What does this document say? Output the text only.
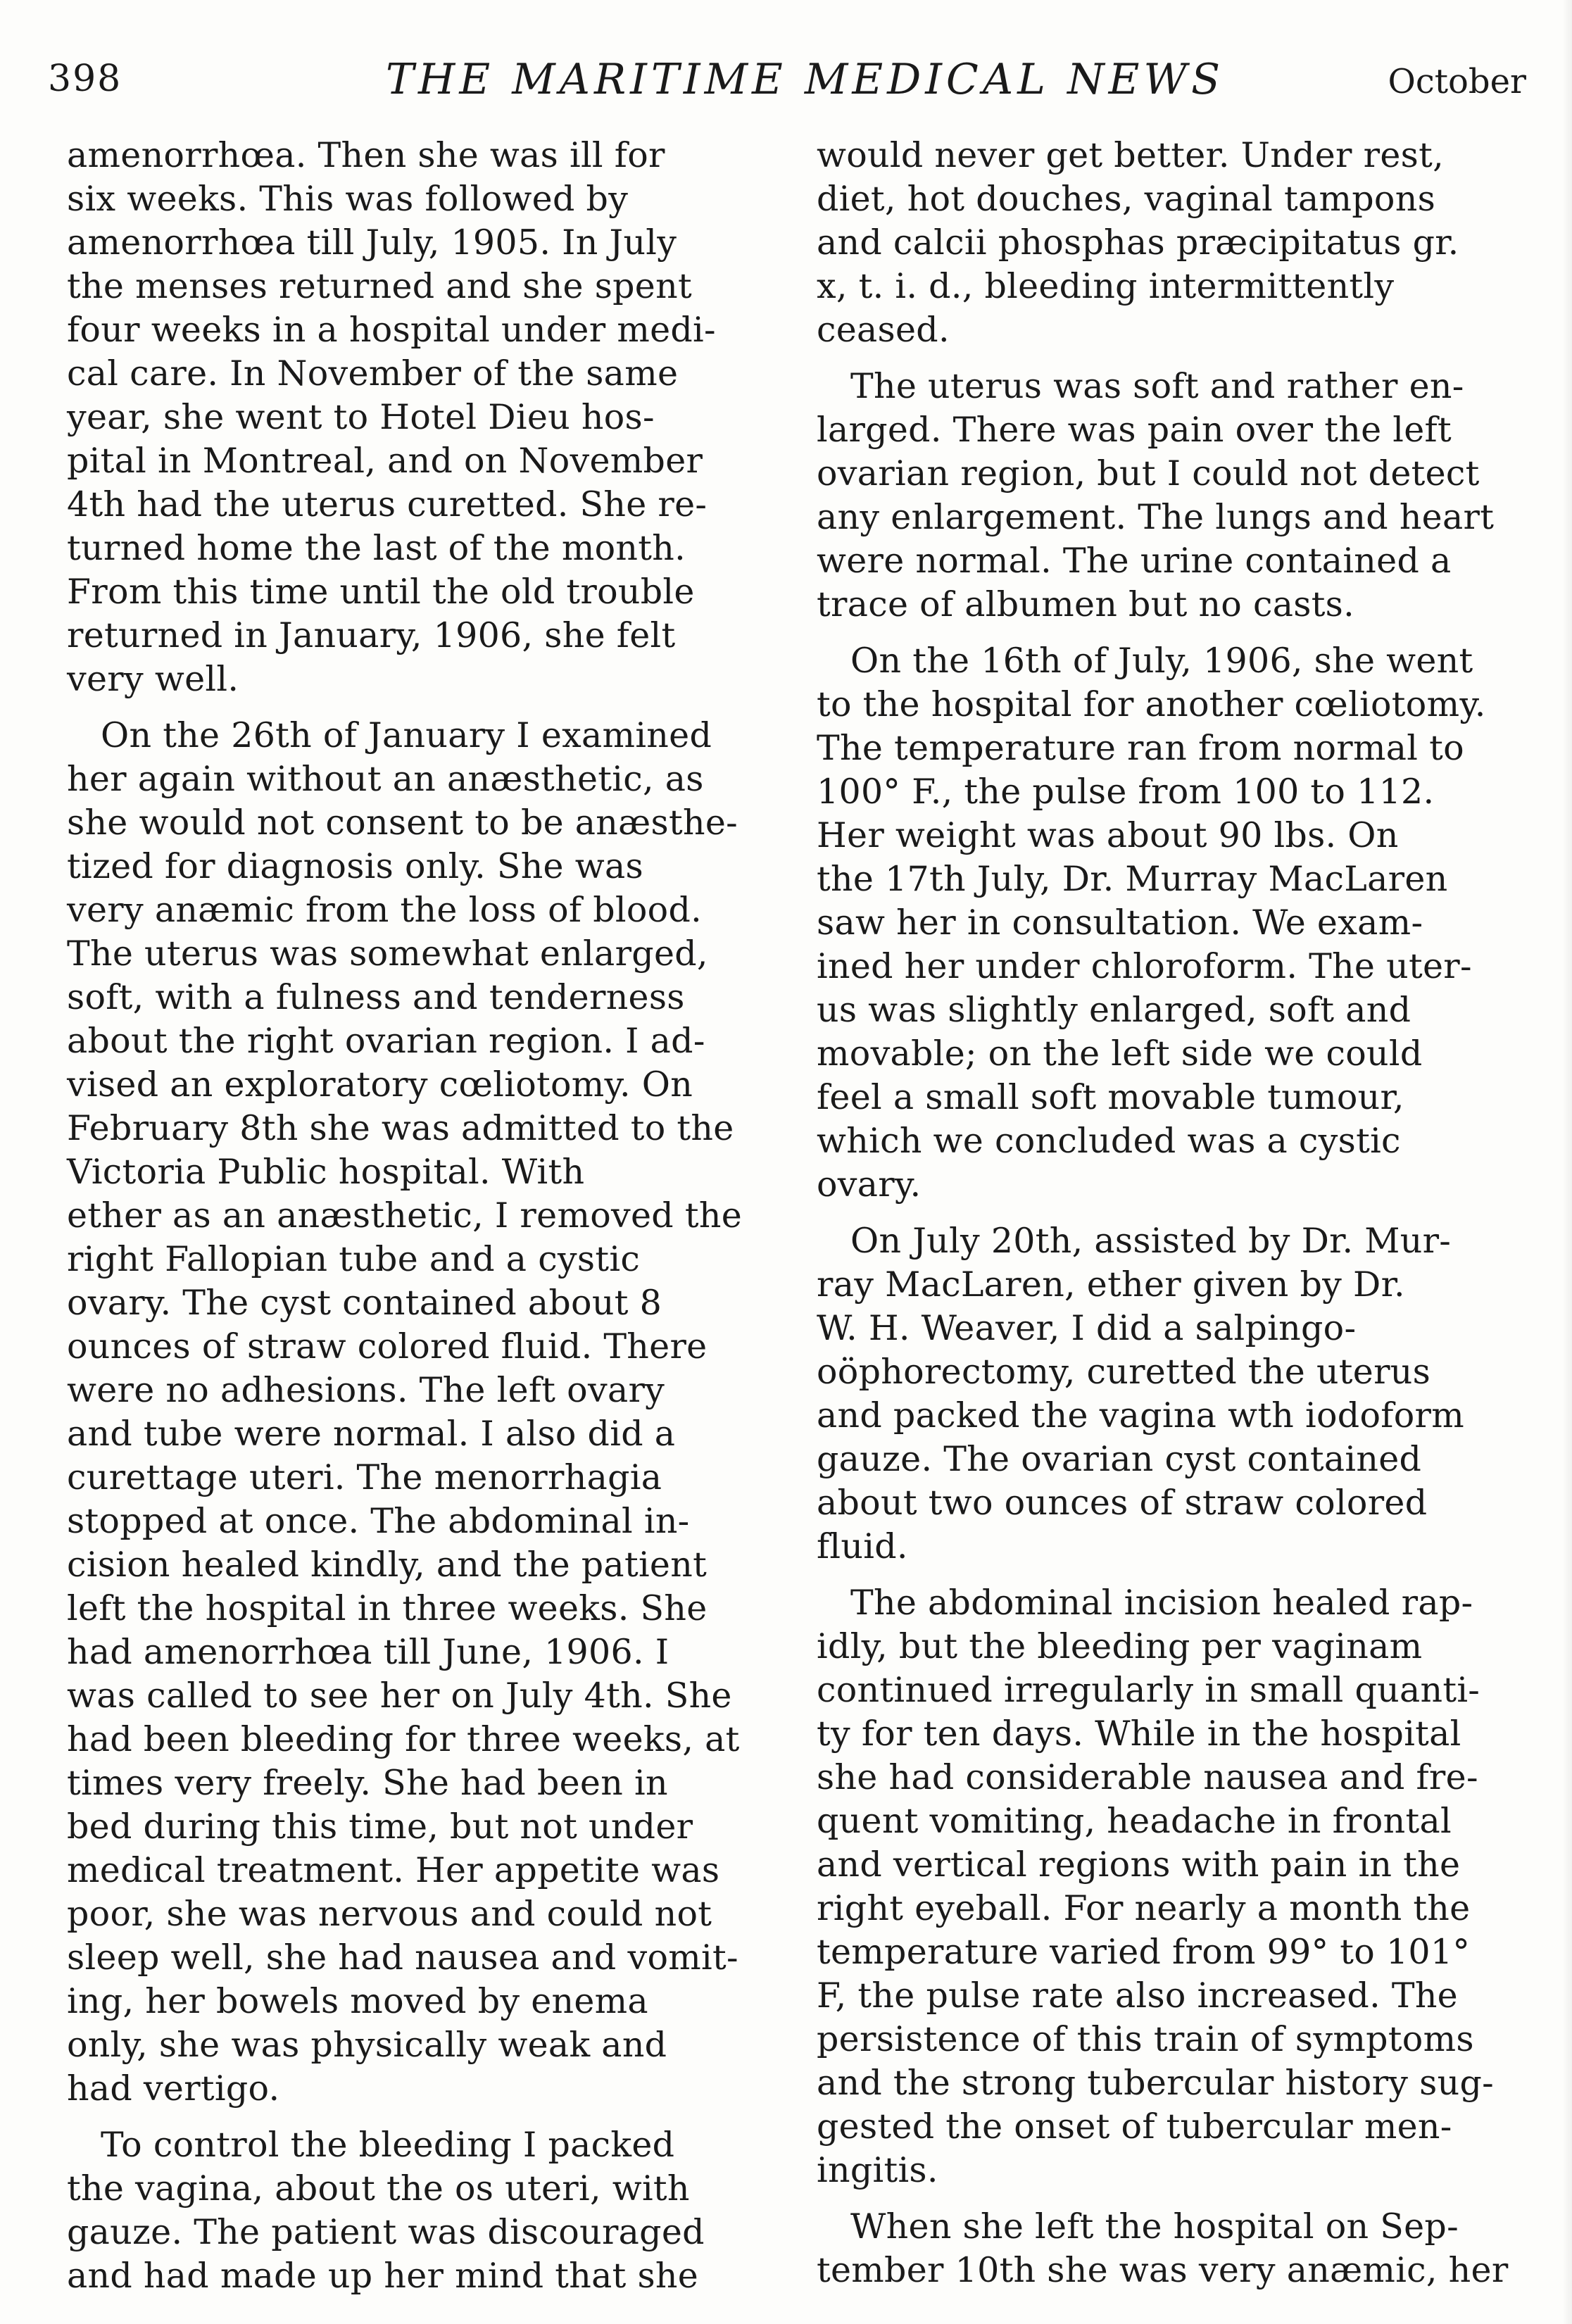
398	THE MARITIME MEDICAL NEWS	October

amenorrhœa. Then she was ill for
six weeks. This was followed by
amenorrhœa till July, 1905. In July
the menses returned and she spent
four weeks in a hospital under medi-
cal care. In November of the same
year, she went to Hotel Dieu hos-
pital in Montreal, and on November
4th had the uterus curetted. She re-
turned home the last of the month.
From this time until the old trouble
returned in January, 1906, she felt
very well.

On the 26th of January I examined
her again without an anæsthetic, as
she would not consent to be anæsthe-
tized for diagnosis only. She was
very anæmic from the loss of blood.
The uterus was somewhat enlarged,
soft, with a fulness and tenderness
about the right ovarian region. I ad-
vised an exploratory cœliotomy. On
February 8th she was admitted to the
Victoria Public hospital. With
ether as an anæsthetic, I removed the
right Fallopian tube and a cystic
ovary. The cyst contained about 8
ounces of straw colored fluid. There
were no adhesions. The left ovary
and tube were normal. I also did a
curettage uteri. The menorrhagia
stopped at once. The abdominal in-
cision healed kindly, and the patient
left the hospital in three weeks. She
had amenorrhœa till June, 1906. I
was called to see her on July 4th. She
had been bleeding for three weeks, at
times very freely. She had been in
bed during this time, but not under
medical treatment. Her appetite was
poor, she was nervous and could not
sleep well, she had nausea and vomit-
ing, her bowels moved by enema
only, she was physically weak and
had vertigo.

To control the bleeding I packed
the vagina, about the os uteri, with
gauze. The patient was discouraged
and had made up her mind that she

would never get better. Under rest,
diet, hot douches, vaginal tampons
and calcii phosphas præcipitatus gr.
x, t. i. d., bleeding intermittently
ceased.

The uterus was soft and rather en-
larged. There was pain over the left
ovarian region, but I could not detect
any enlargement. The lungs and heart
were normal. The urine contained a
trace of albumen but no casts.

On the 16th of July, 1906, she went
to the hospital for another cœliotomy.
The temperature ran from normal to
100° F., the pulse from 100 to 112.
Her weight was about 90 lbs. On
the 17th July, Dr. Murray MacLaren
saw her in consultation. We exam-
ined her under chloroform. The uter-
us was slightly enlarged, soft and
movable; on the left side we could
feel a small soft movable tumour,
which we concluded was a cystic
ovary.

On July 20th, assisted by Dr. Mur-
ray MacLaren, ether given by Dr.
W. H. Weaver, I did a salpingo-
oöphorectomy, curetted the uterus
and packed the vagina wth iodoform
gauze. The ovarian cyst contained
about two ounces of straw colored
fluid.

The abdominal incision healed rap-
idly, but the bleeding per vaginam
continued irregularly in small quanti-
ty for ten days. While in the hospital
she had considerable nausea and fre-
quent vomiting, headache in frontal
and vertical regions with pain in the
right eyeball. For nearly a month the
temperature varied from 99° to 101°
F, the pulse rate also increased. The
persistence of this train of symptoms
and the strong tubercular history sug-
gested the onset of tubercular men-
ingitis.

When she left the hospital on Sep-
tember 10th she was very anæmic, her
